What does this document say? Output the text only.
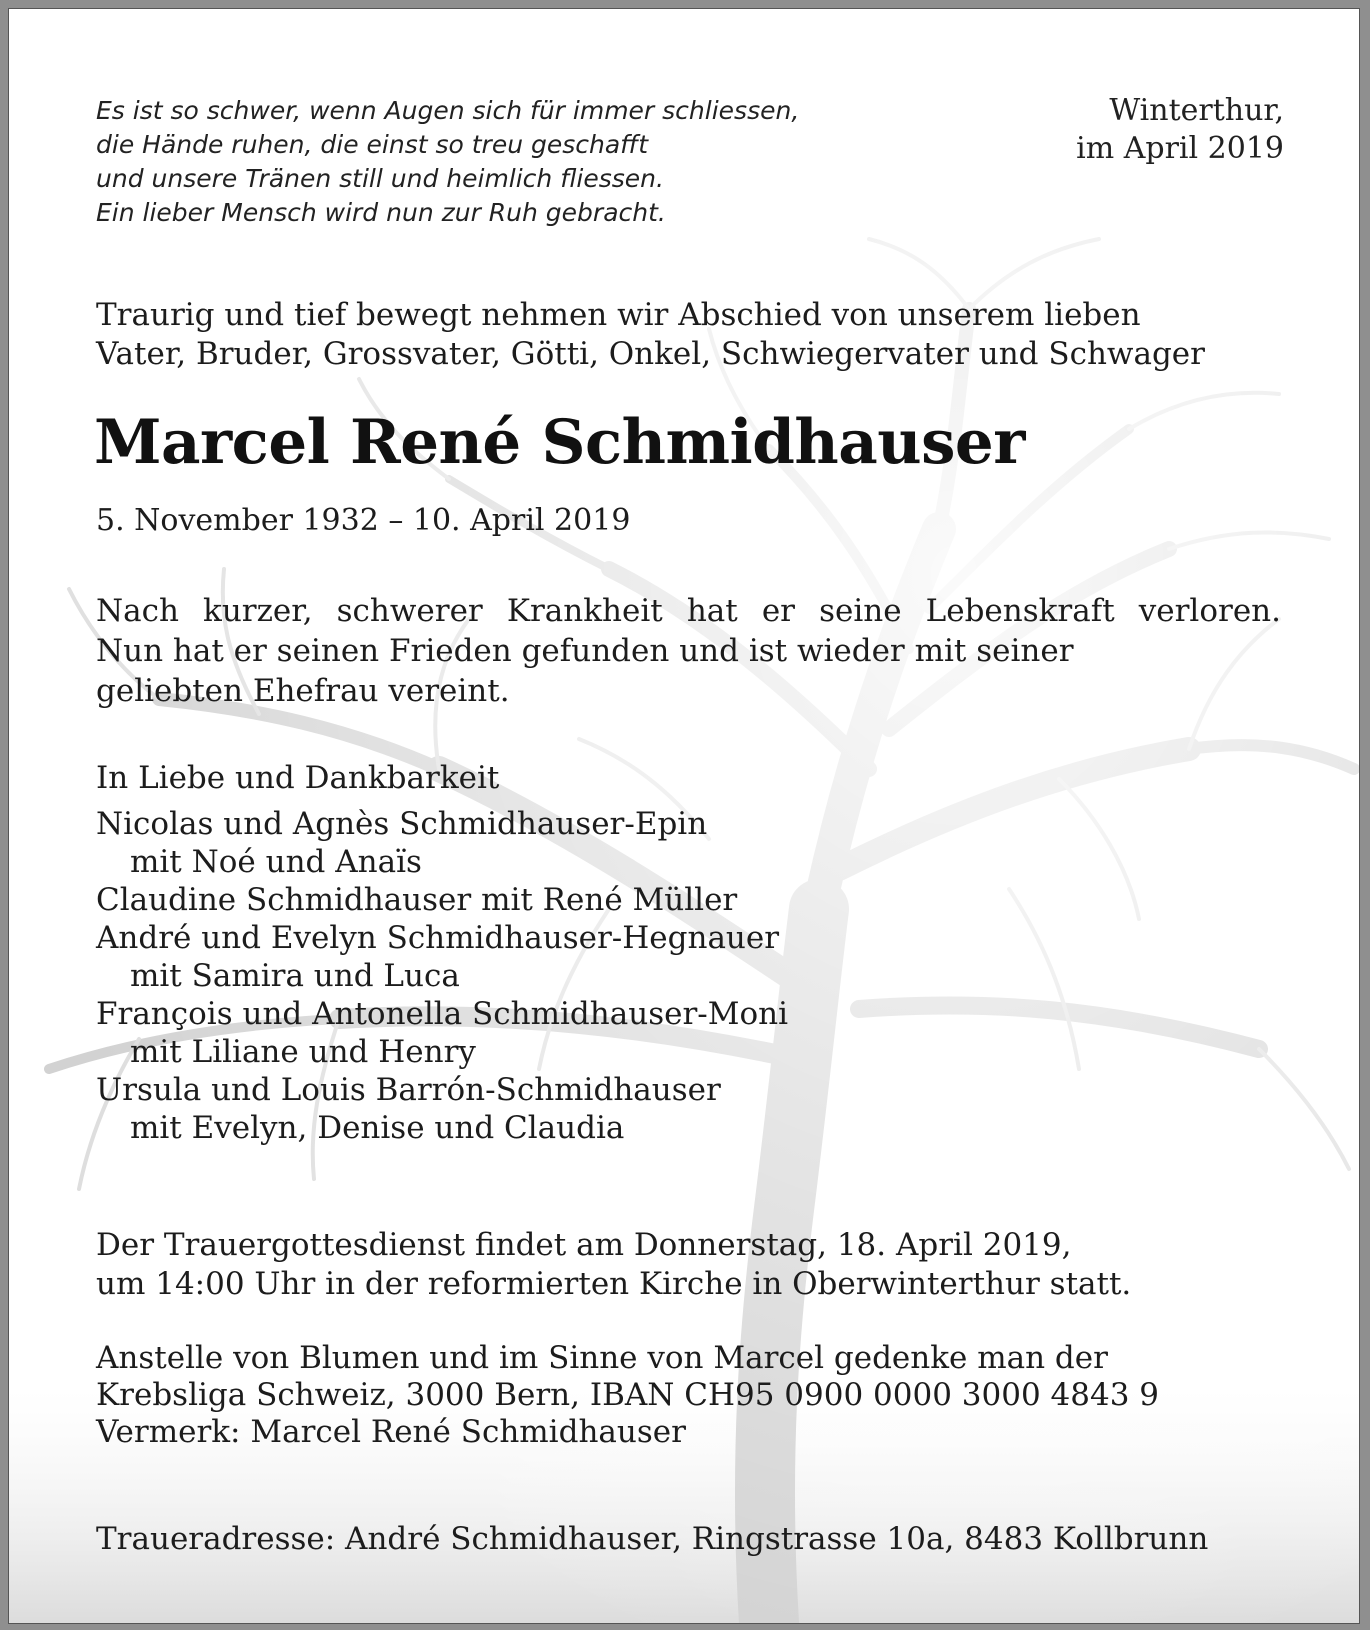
Es ist so schwer, wenn Augen sich für immer schliessen,
die Hände ruhen, die einst so treu geschafft
und unsere Tränen still und heimlich fliessen.
Ein lieber Mensch wird nun zur Ruh gebracht.
Winterthur,
im April 2019
Traurig und tief bewegt nehmen wir Abschied von unserem lieben
Vater, Bruder, Grossvater, Götti, Onkel, Schwiegervater und Schwager
Marcel René Schmidhauser
5. November 1932 – 10. April 2019
Nach kurzer, schwerer Krankheit hat er seine Lebenskraft verloren.
Nun hat er seinen Frieden gefunden und ist wieder mit seiner
geliebten Ehefrau vereint.
In Liebe und Dankbarkeit
Nicolas und Agnès Schmidhauser-Epin
mit Noé und Anaïs
Claudine Schmidhauser mit René Müller
André und Evelyn Schmidhauser-Hegnauer
mit Samira und Luca
François und Antonella Schmidhauser-Moni
mit Liliane und Henry
Ursula und Louis Barrón-Schmidhauser
mit Evelyn, Denise und Claudia
Der Trauergottesdienst findet am Donnerstag, 18. April 2019,
um 14:00 Uhr in der reformierten Kirche in Oberwinterthur statt.
Anstelle von Blumen und im Sinne von Marcel gedenke man der
Krebsliga Schweiz, 3000 Bern, IBAN CH95 0900 0000 3000 4843 9
Vermerk: Marcel René Schmidhauser
Traueradresse: André Schmidhauser, Ringstrasse 10a, 8483 Kollbrunn
